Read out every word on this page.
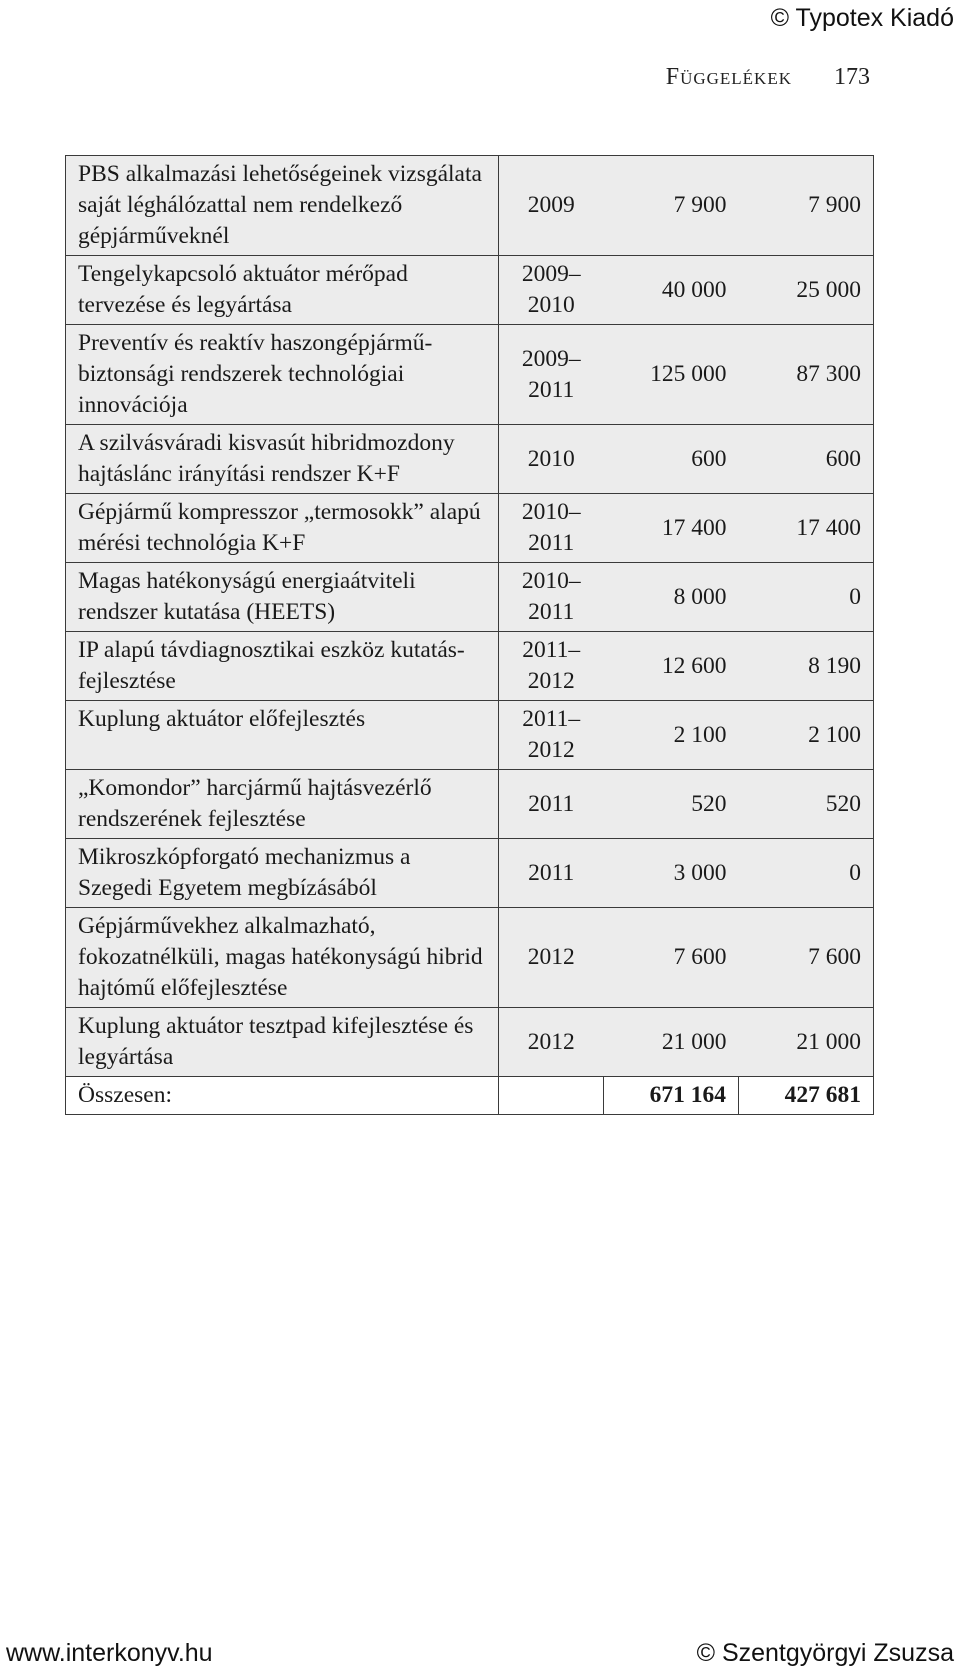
© Typotex Kiadó
Függelékek 173
PBS alkalmazási lehetőségeinek vizsgálata saját léghálózattal nem rendelkező gépjárműveknél	2009	7 900	7 900
Tengelykapcsoló aktuátor mérőpad tervezése és legyártása	2009–​2010	40 000	25 000
Preventív és reaktív haszongépjármű-biztonsági rendszerek technológiai innovációja	2009–​2011	125 000	87 300
A szilvásváradi kisvasút hibridmozdony hajtáslánc irányítási rendszer K+F	2010	600	600
Gépjármű kompresszor „termosokk” alapú mérési technológia K+F	2010–​2011	17 400	17 400
Magas hatékonyságú energiaátviteli rendszer kutatása (HEETS)	2010–​2011	8 000	0
IP alapú távdiagnosztikai eszköz kutatás-fejlesztése	2011–​2012	12 600	8 190
Kuplung aktuátor előfejlesztés	2011–​2012	2 100	2 100
„Komondor” harcjármű hajtásvezérlő rendszerének fejlesztése	2011	520	520
Mikroszkópforgató mechanizmus a Szegedi Egyetem megbízásából	2011	3 000	0
Gépjárművekhez alkalmazható, fokozatnélküli, magas hatékonyságú hibrid hajtómű előfejlesztése	2012	7 600	7 600
Kuplung aktuátor tesztpad kifejlesztése és legyártása	2012	21 000	21 000
Összesen:		671 164	427 681
www.interkonyv.hu	© Szentgyörgyi Zsuzsa
